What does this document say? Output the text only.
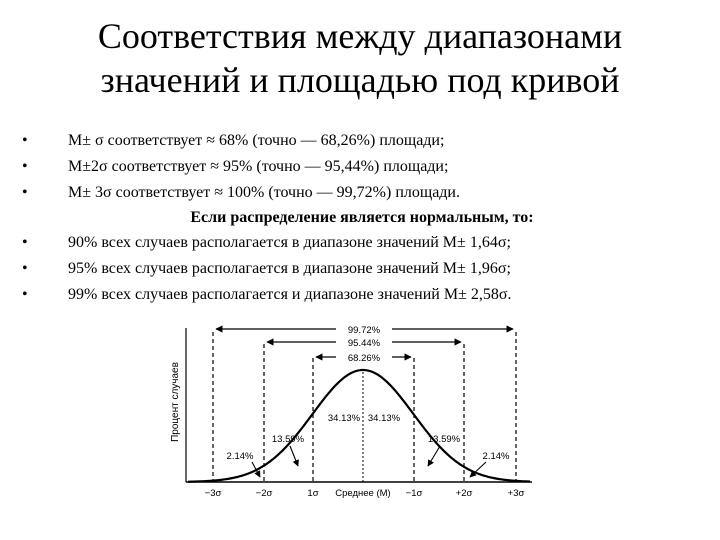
Соответствия между диапазонами
значений и площадью под кривой
•	M± σ соответствует ≈ 68% (точно — 68,26%) площади;
•	M±2σ соответствует ≈ 95% (точно — 95,44%) площади;
•	M± 3σ соответствует ≈ 100% (точно — 99,72%) площади.
Если распределение является нормальным, то:
•	90% всех случаев располагается в диапазоне значений M± 1,64σ;
•	95% всех случаев располагается в диапазоне значений M± 1,96σ;
•	99% всех случаев располагается и диапазоне значений M± 2,58σ.
Процент случаев
99.72%
95.44%
68.26%
34.13% 34.13%
13.59%	13.59%
2.14%	2.14%
−3σ	−2σ	1σ Среднее (M) −1σ	+2σ	+3σ
